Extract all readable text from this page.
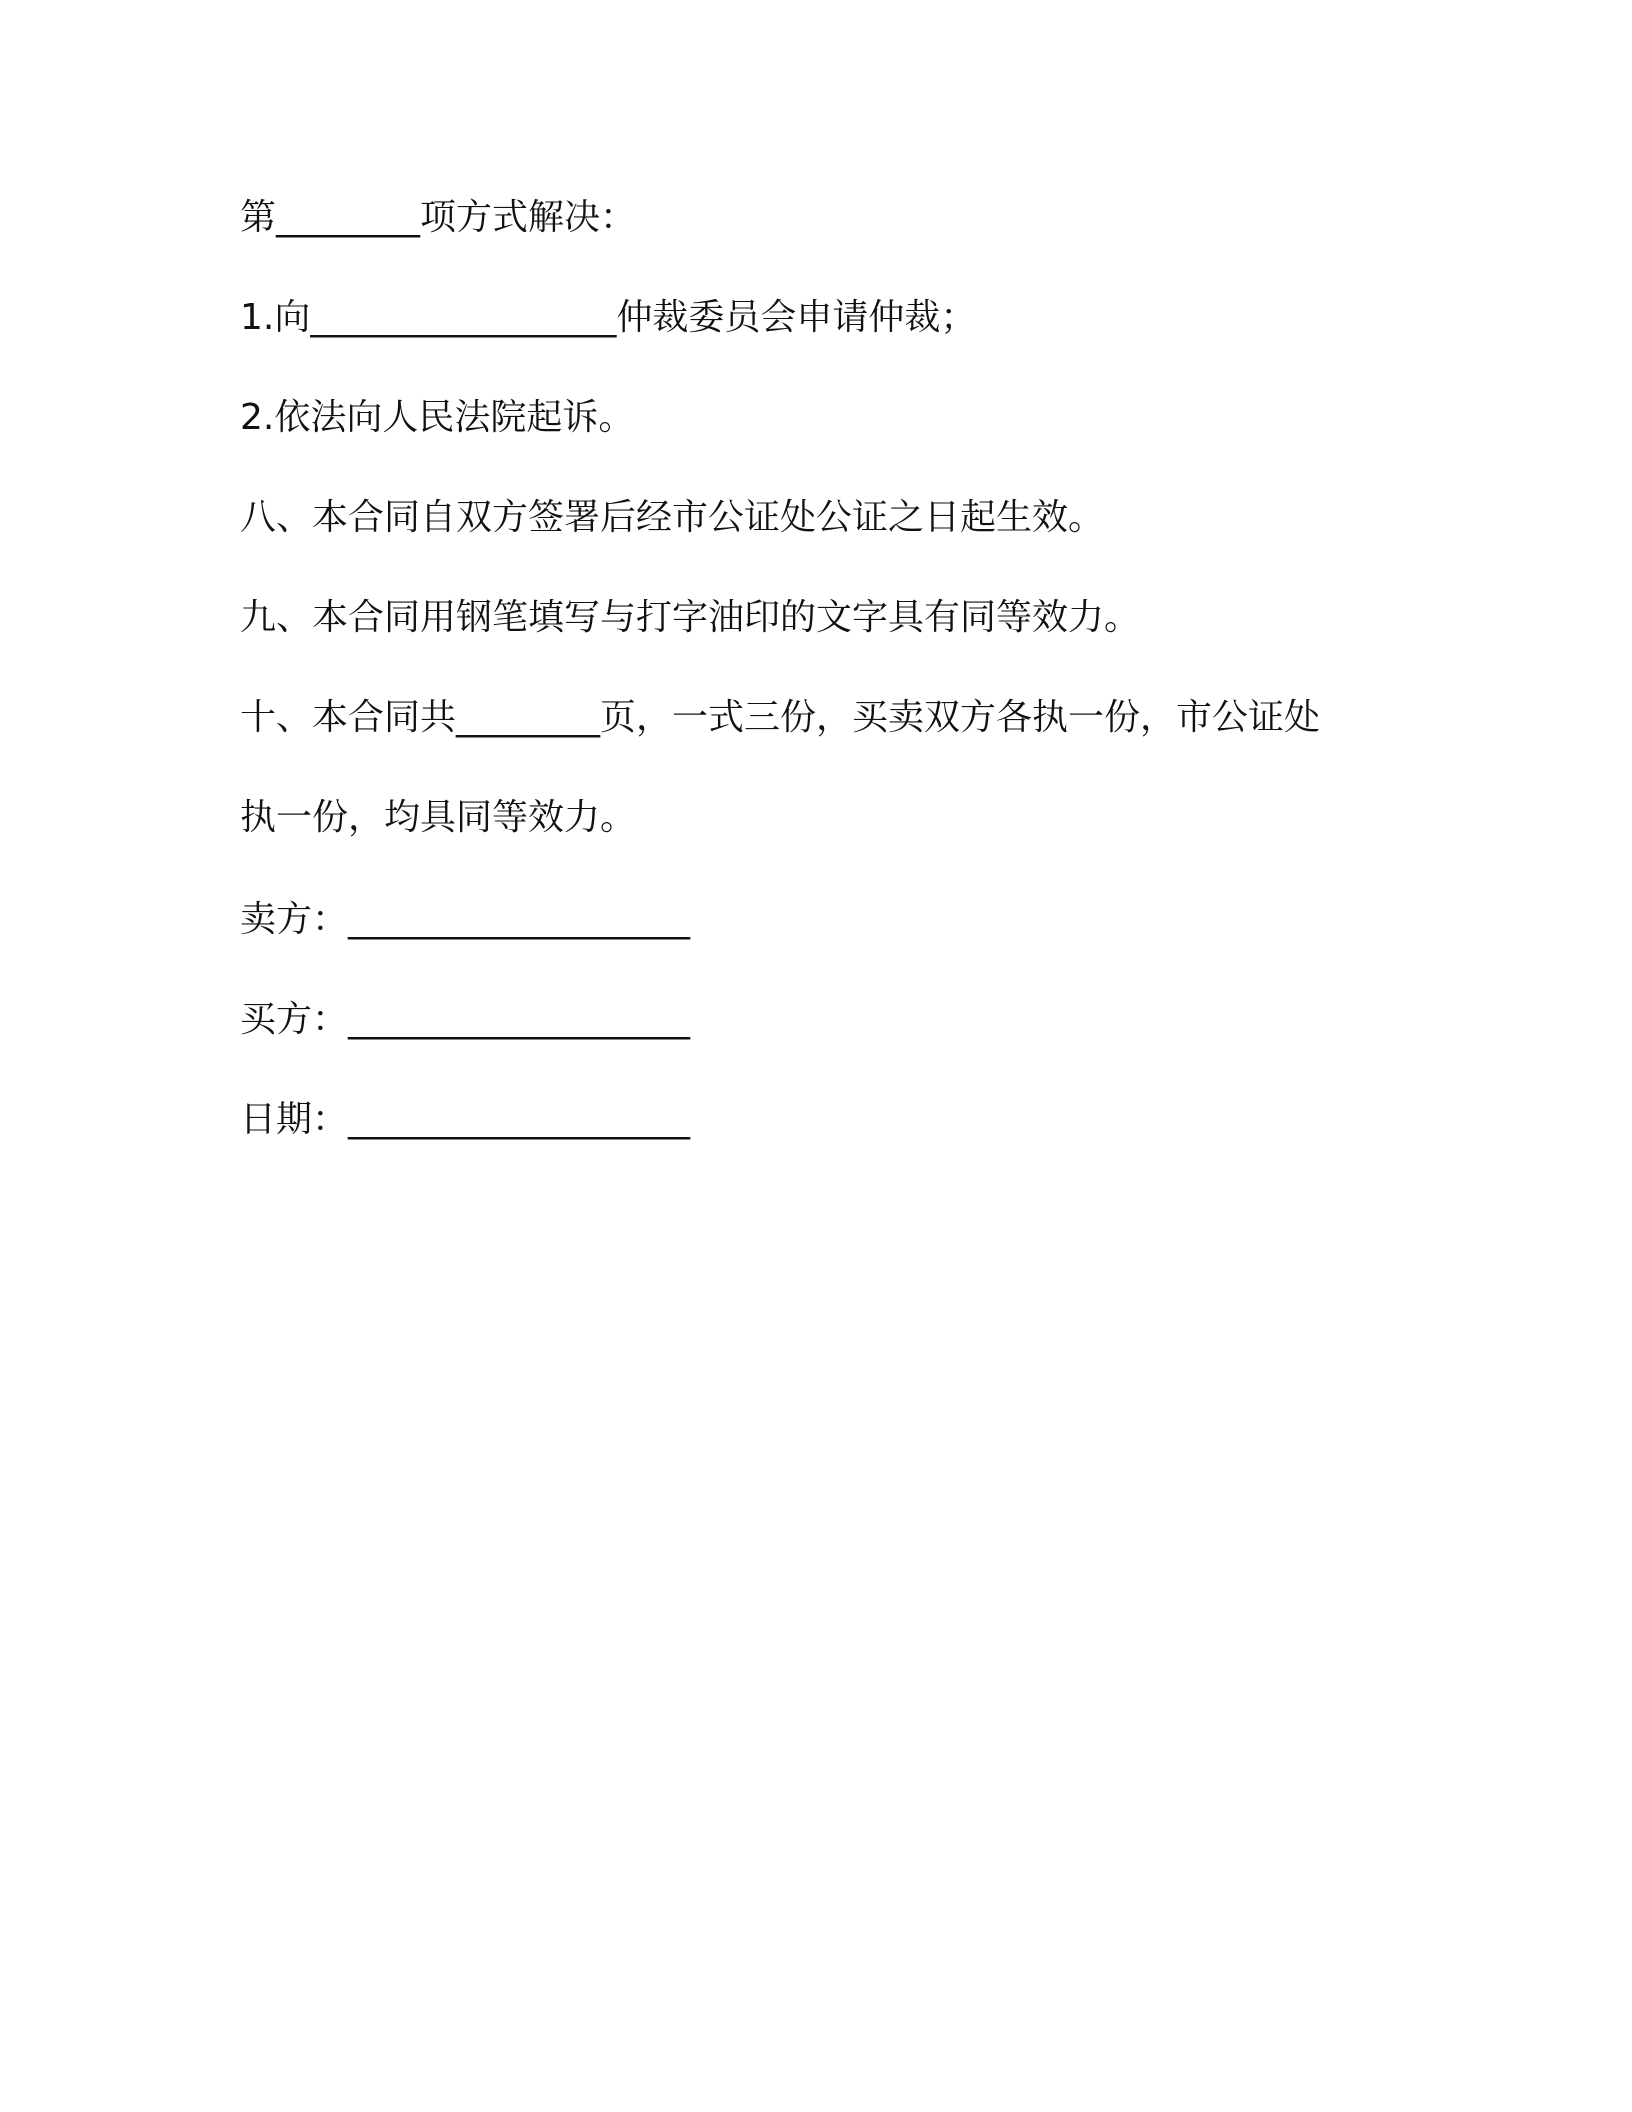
第________项方式解决：
1.向_________________仲裁委员会申请仲裁；
2.依法向人民法院起诉。
八、本合同自双方签署后经市公证处公证之日起生效。
九、本合同用钢笔填写与打字油印的文字具有同等效力。
十、本合同共________页，一式三份，买卖双方各执一份，市公证处
执一份，均具同等效力。
卖方：___________________
买方：___________________
日期：___________________
